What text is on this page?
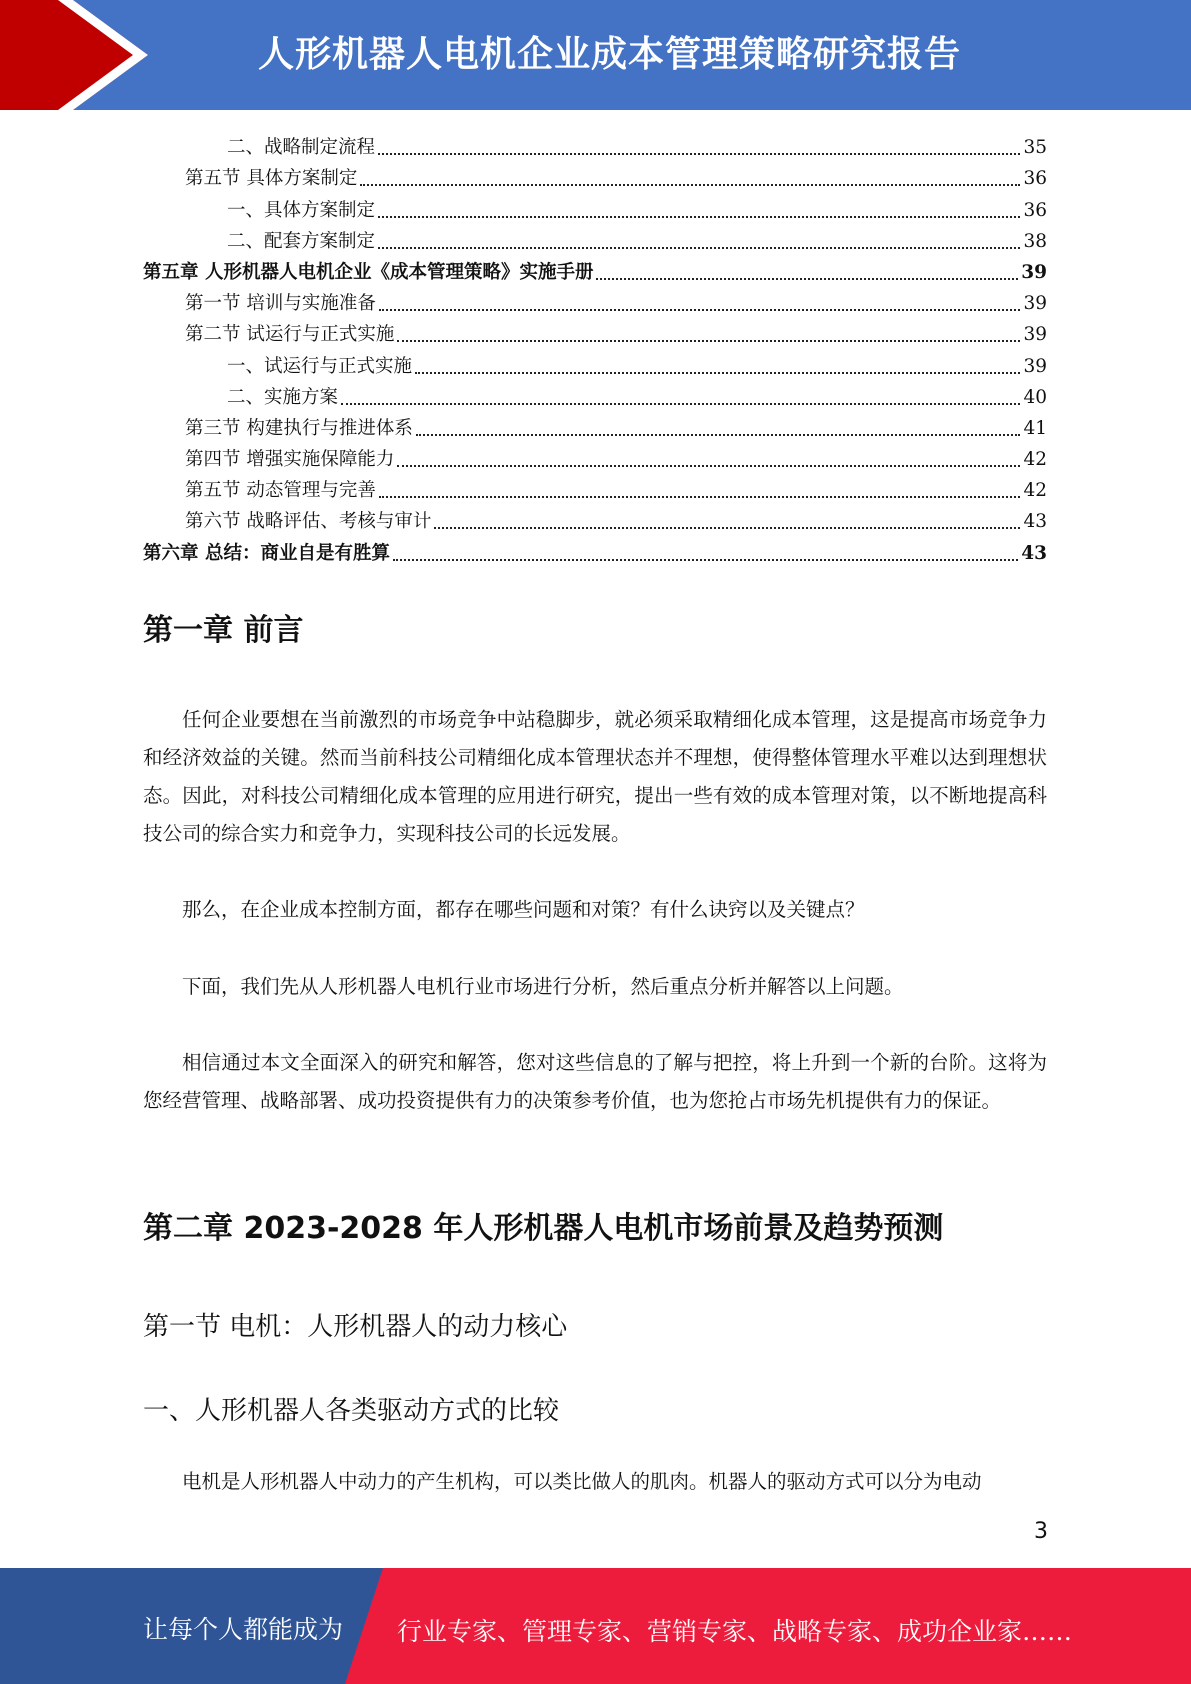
人形机器人电机企业成本管理策略研究报告
二、战略制定流程	35
第五节 具体方案制定	36
一、具体方案制定	36
二、配套方案制定	38
第五章 人形机器人电机企业《成本管理策略》实施手册	39
第一节 培训与实施准备	39
第二节 试运行与正式实施	39
一、试运行与正式实施	39
二、实施方案	40
第三节 构建执行与推进体系	41
第四节 增强实施保障能力	42
第五节 动态管理与完善	42
第六节 战略评估、考核与审计	43
第六章 总结：商业自是有胜算	43
第一章 前言

任何企业要想在当前激烈的市场竞争中站稳脚步，就必须采取精细化成本管理，这是提高市场竞争力和经济效益的关键。然而当前科技公司精细化成本管理状态并不理想，使得整体管理水平难以达到理想状态。因此，对科技公司精细化成本管理的应用进行研究，提出一些有效的成本管理对策，以不断地提高科技公司的综合实力和竞争力，实现科技公司的长远发展。

那么，在企业成本控制方面，都存在哪些问题和对策？有什么诀窍以及关键点？

下面，我们先从人形机器人电机行业市场进行分析，然后重点分析并解答以上问题。

相信通过本文全面深入的研究和解答，您对这些信息的了解与把控，将上升到一个新的台阶。这将为您经营管理、战略部署、成功投资提供有力的决策参考价值，也为您抢占市场先机提供有力的保证。

第二章 2023-2028 年人形机器人电机市场前景及趋势预测
第一节 电机：人形机器人的动力核心
一、人形机器人各类驱动方式的比较

电机是人形机器人中动力的产生机构，可以类比做人的肌肉。机器人的驱动方式可以分为电动

3
让每个人都能成为 行业专家、管理专家、营销专家、战略专家、成功企业家……
